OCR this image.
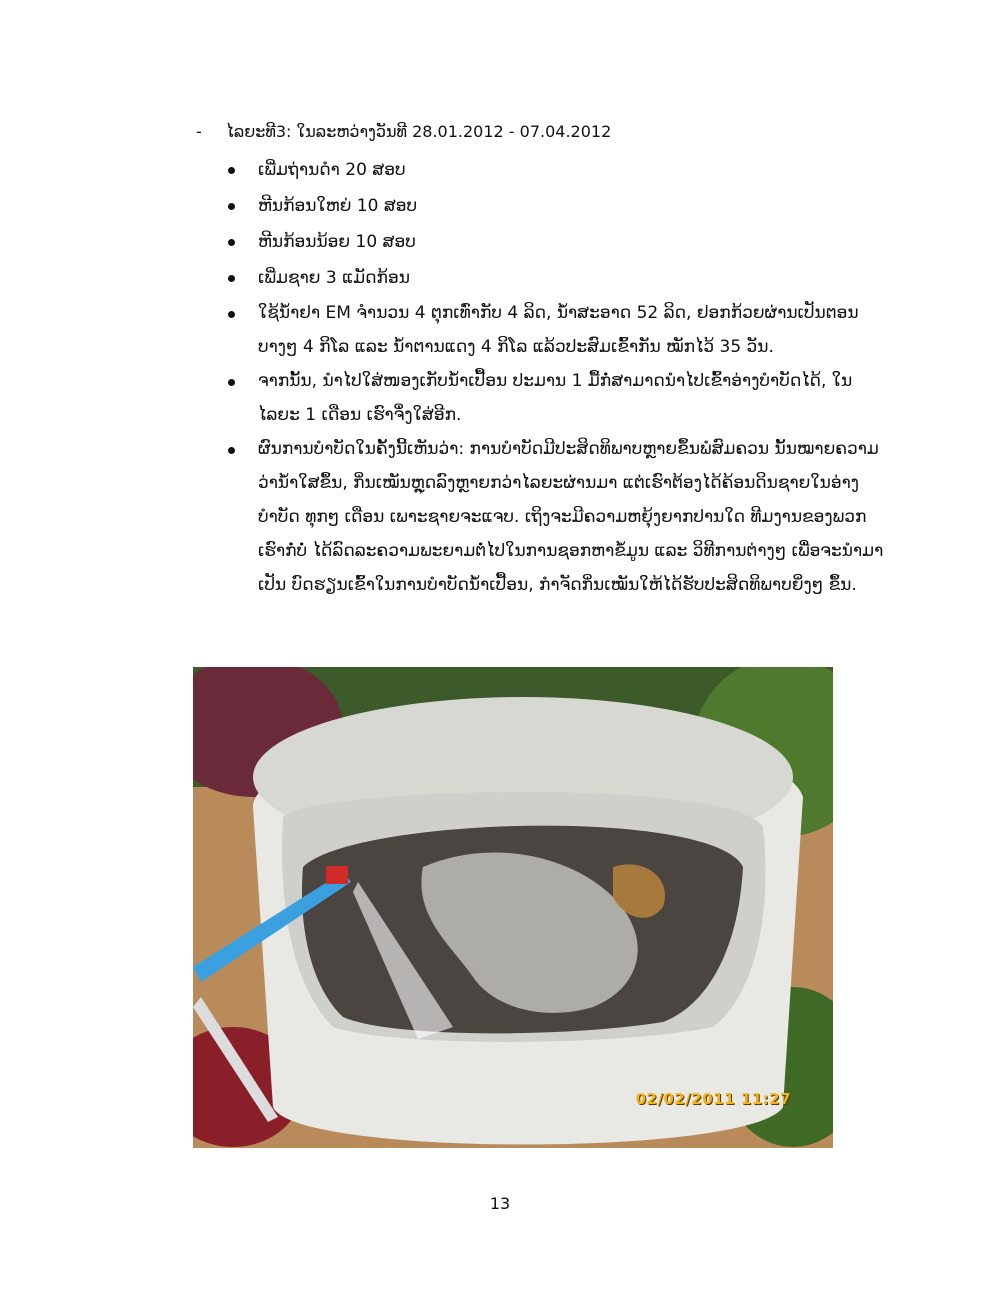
- ໄລຍະທີ3: ໃນລະຫວ່າງວັນທີ 28.01.2012 - 07.04.2012
ເພີ່ມຖ່ານດຳ 20 ສອບ
ຫີນກ້ອນໃຫຍ່ 10 ສອບ
ຫີນກ້ອນນ້ອຍ 10 ສອບ
ເພີ່ມຊາຍ 3 ແມັດກ້ອນ
ໃຊ້ນ້ຳຢາ EM ຈຳນວນ 4 ຕຸກເທົ່າກັບ 4 ລິດ, ນ້ຳສະອາດ 52 ລິດ, ຢອກກ້ວຍຜ່ານເປັນຕອນ ບາງໆ 4 ກິໂລ ແລະ ນ້ຳຕານແດງ 4 ກິໂລ ແລ້ວປະສົມເຂົ້າກັນ ໝັກໄວ້ 35 ວັນ.
ຈາກນັ້ນ, ນຳໄປໃສ່ໜອງເກັບນ້ຳເປື້ອນ ປະມານ 1 ມື້ກໍ່ສາມາດນຳໄປເຂົ້າອ່າງບຳບັດໄດ້, ໃນໄລຍະ 1 ເດືອນ ເຮົາຈຶ່ງໃສ່ອີກ.
ຜົນການບຳບັດໃນຄັ້ງນີ້ເຫັນວ່າ: ການບຳບັດມີປະສິດທິພາບຫຼາຍຂຶ້ນພໍສົມຄວນ ນັ້ນໝາຍຄວາມ ວ່ານ້ຳໃສຂຶ້ນ, ກິ່ນເໝັນຫຼຸດລົງຫຼາຍກວ່າໄລຍະຜ່ານມາ ແຕ່ເຮົາຕ້ອງໄດ້ຄ້ອນດິນຊາຍໃນອ່າງບຳບັດ ທຸກໆ ເດືອນ ເພາະຊາຍຈະແຈບ. ເຖິງຈະມີຄວາມຫຍຸ້ງຍາກປານໃດ ທີມງານຂອງພວກເຮົາກໍ່ບໍ່ ໄດ້ລົດລະຄວາມພະຍາມຕໍ່ໄປໃນການຊອກຫາຂໍ້ມູນ ແລະ ວິທີການຕ່າງໆ ເພື່ອຈະນຳມາເປັນ ບົດຮຽນເຂົ້າໃນການບຳບັດນ້ຳເປື້ອນ, ກຳຈັດກິ່ນເໝັນໃຫ້ໄດ້ຮັບປະສິດທິພາບຍິ່ງໆ ຂຶ້ນ.
02/02/2011 11:27
13
